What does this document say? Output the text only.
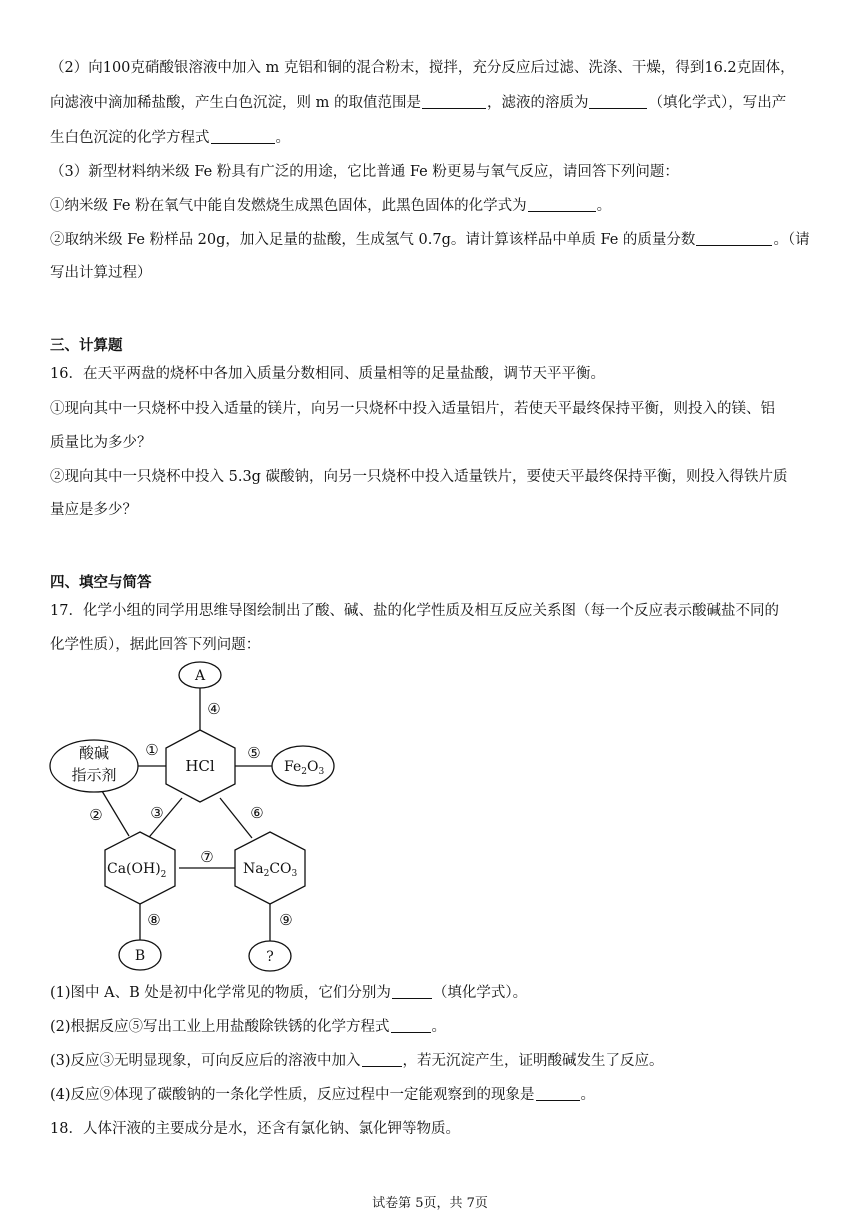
（2）向100克硝酸银溶液中加入 m 克铝和铜的混合粉末，搅拌，充分反应后过滤、洗涤、干燥，得到16.2克固体，

向滤液中滴加稀盐酸，产生白色沉淀，则 m 的取值范围是	，滤液的溶质为	（填化学式），写出产

生白色沉淀的化学方程式	。

（3）新型材料纳米级 Fe 粉具有广泛的用途，它比普通 Fe 粉更易与氧气反应，请回答下列问题：

①纳米级 Fe 粉在氧气中能自发燃烧生成黑色固体，此黑色固体的化学式为	。

②取纳米级 Fe 粉样品 20g，加入足量的盐酸，生成氢气 0.7g。请计算该样品中单质 Fe 的质量分数	。（请

写出计算过程）

三、计算题

16．在天平两盘的烧杯中各加入质量分数相同、质量相等的足量盐酸，调节天平平衡。

①现向其中一只烧杯中投入适量的镁片，向另一只烧杯中投入适量铝片，若使天平最终保持平衡，则投入的镁、铝

质量比为多少？

②现向其中一只烧杯中投入 5.3g 碳酸钠，向另一只烧杯中投入适量铁片，要使天平最终保持平衡，则投入得铁片质

量应是多少？

四、填空与简答

17．化学小组的同学用思维导图绘制出了酸、碱、盐的化学性质及相互反应关系图（每一个反应表示酸碱盐不同的

化学性质），据此回答下列问题：

A
HCl
酸碱
指示剂	$Fe_2O_3$
$Ca(OH)_2$	$Na_2CO_3$
B	?
④
①	⑤
②	③	⑥
⑦
⑧	⑨

(1)图中 A、B 处是初中化学常见的物质，它们分别为	（填化学式）。

(2)根据反应⑤写出工业上用盐酸除铁锈的化学方程式	。

(3)反应③无明显现象，可向反应后的溶液中加入	，若无沉淀产生，证明酸碱发生了反应。

(4)反应⑨体现了碳酸钠的一条化学性质，反应过程中一定能观察到的现象是	。

18．人体汗液的主要成分是水，还含有氯化钠、氯化钾等物质。

试卷第 5页，共 7页
